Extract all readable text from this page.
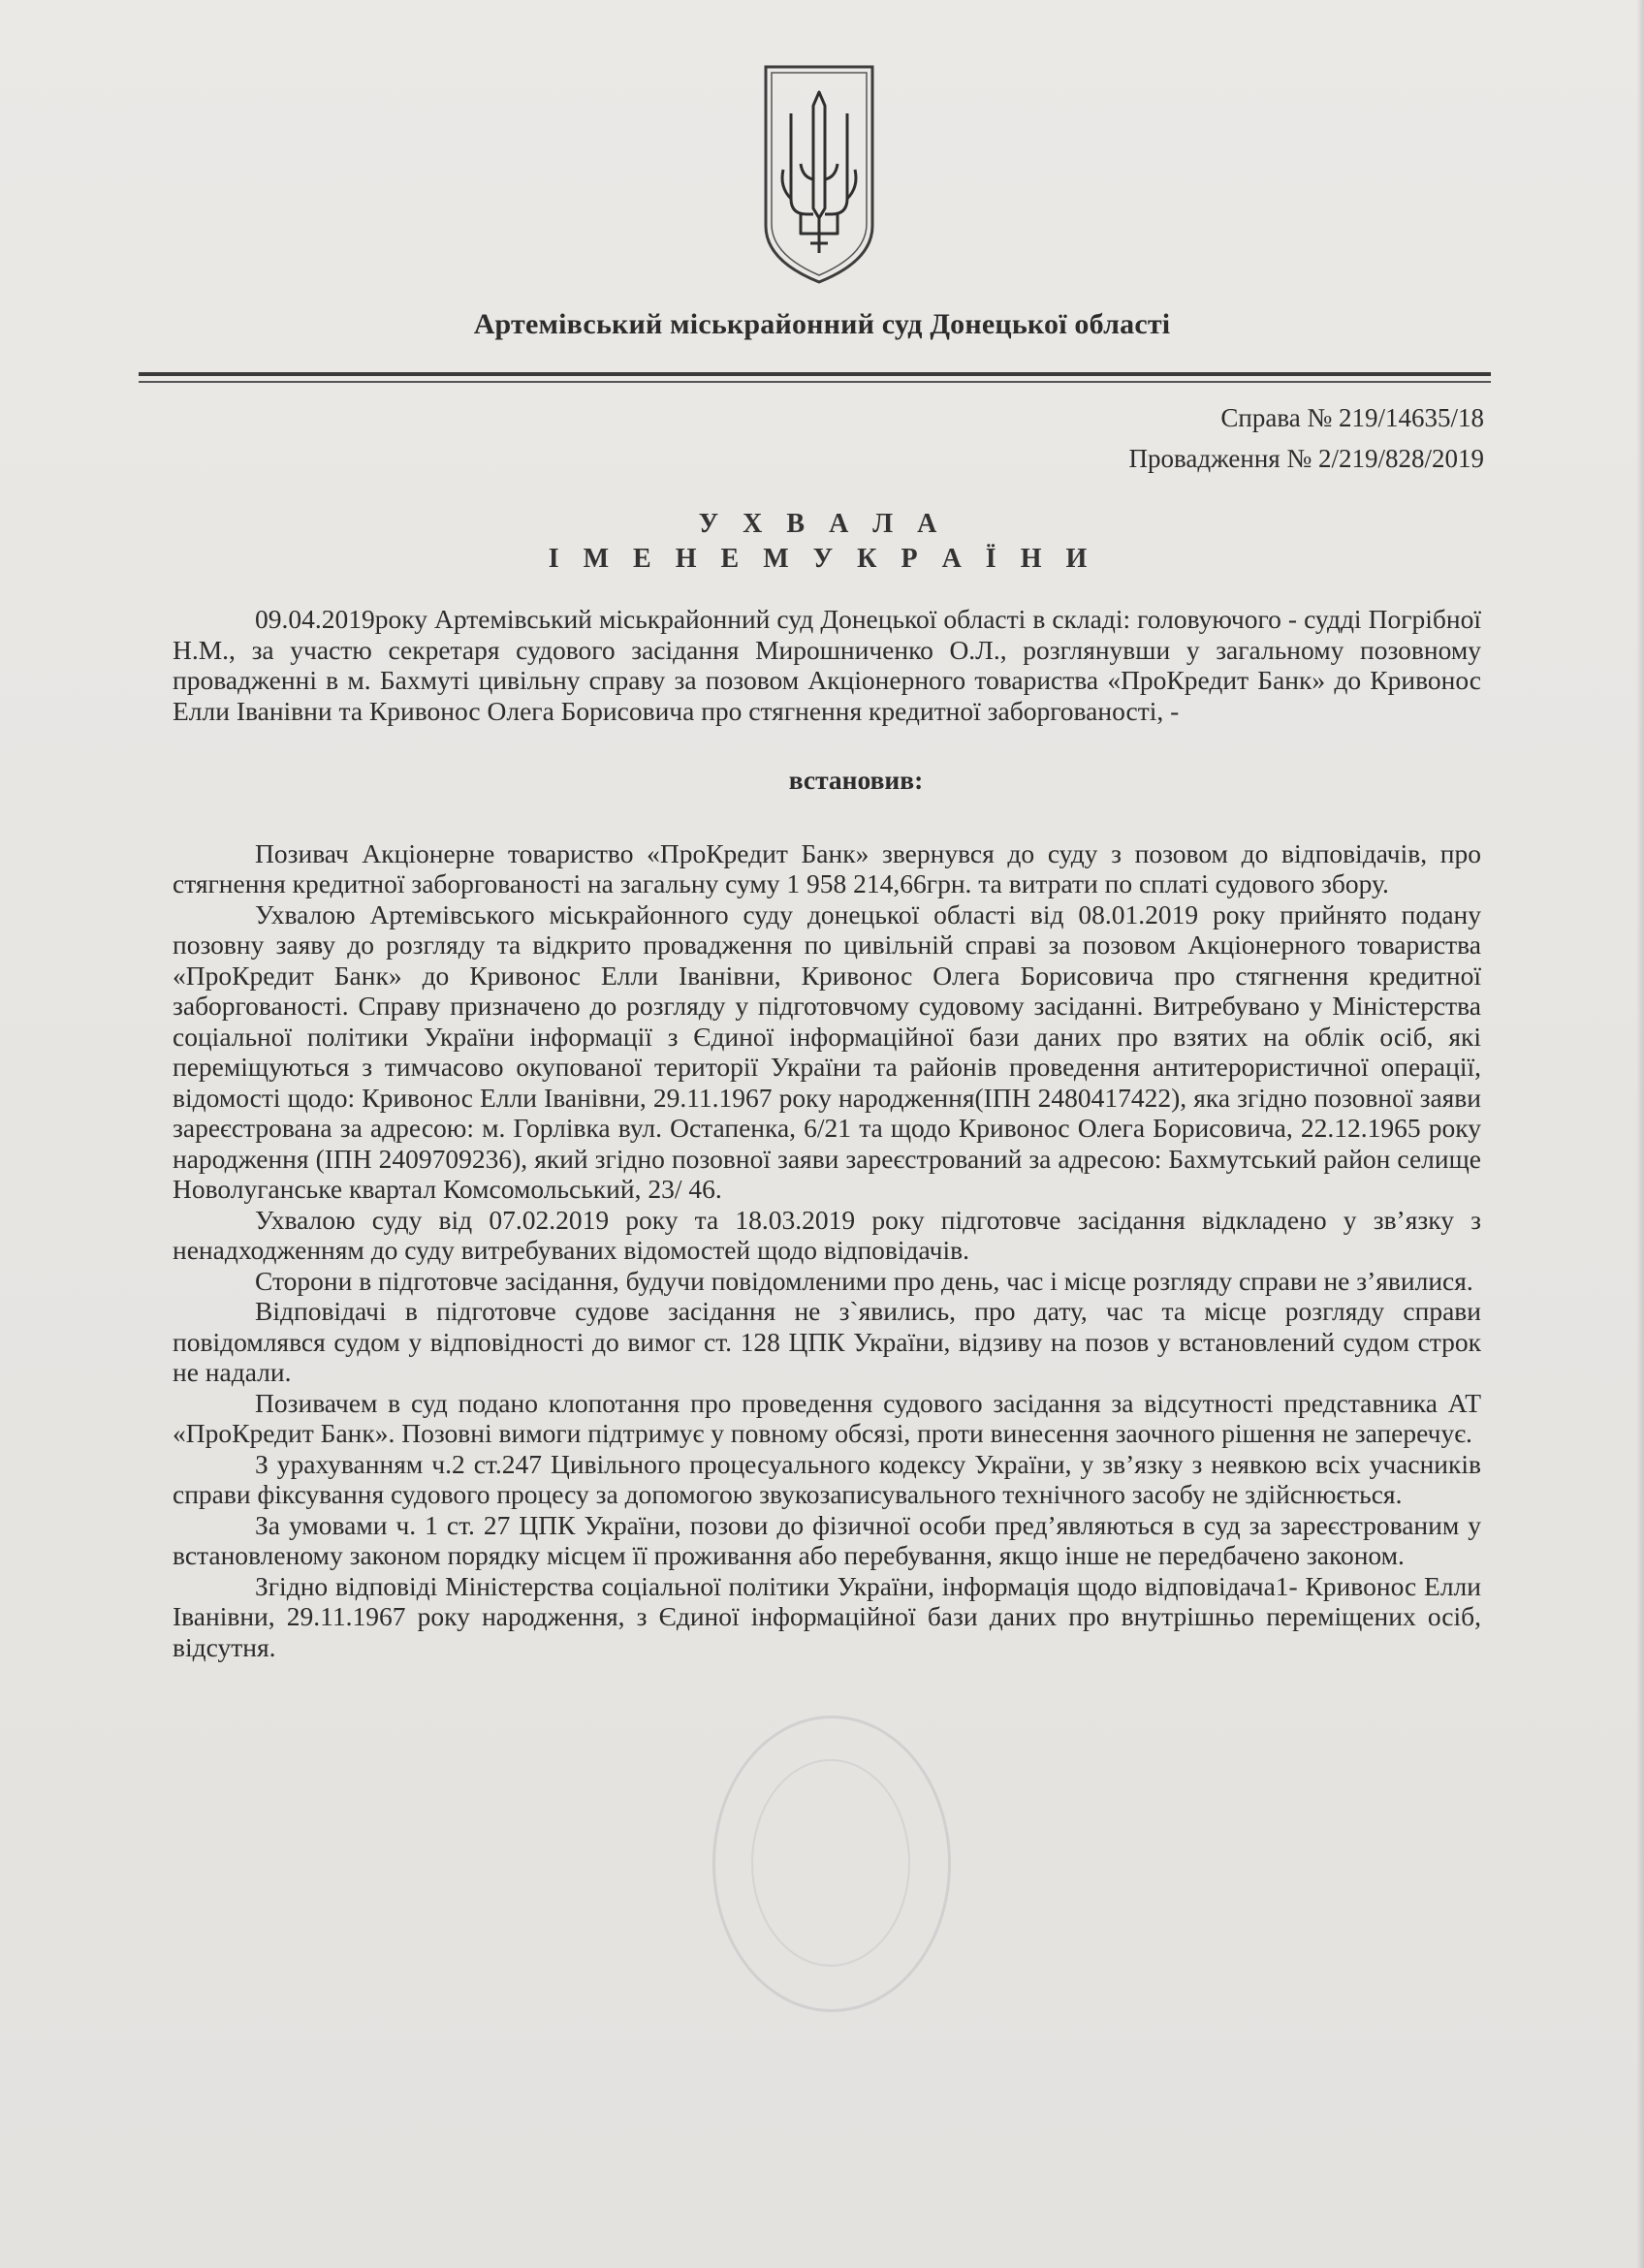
Артемівський міськрайонний суд Донецької області
Справа № 219/14635/18
Провадження № 2/219/828/2019
У Х В А Л А
І М Е Н Е М У К Р А Ї Н И

09.04.2019року Артемівський міськрайонний суд Донецької області в складі: головуючого - судді Погрібної Н.М., за участю секретаря судового засідання Мирошниченко О.Л., розглянувши у загальному позовному провадженні в м. Бахмуті цивільну справу за позовом Акціонерного товариства «ПроКредит Банк» до Кривонос Елли Іванівни та Кривонос Олега Борисовича про стягнення кредитної заборгованості, -

встановив:

Позивач Акціонерне товариство «ПроКредит Банк» звернувся до суду з позовом до відповідачів, про стягнення кредитної заборгованості на загальну суму 1 958 214,66грн. та витрати по сплаті судового збору.

Ухвалою Артемівського міськрайонного суду донецької області від 08.01.2019 року прийнято подану позовну заяву до розгляду та відкрито провадження по цивільній справі за позовом Акціонерного товариства «ПроКредит Банк» до Кривонос Елли Іванівни, Кривонос Олега Борисовича про стягнення кредитної заборгованості. Справу призначено до розгляду у підготовчому судовому засіданні. Витребувано у Міністерства соціальної політики України інформації з Єдиної інформаційної бази даних про взятих на облік осіб, які переміщуються з тимчасово окупованої території України та районів проведення антитерористичної операції, відомості щодо: Кривонос Елли Іванівни, 29.11.1967 року народження(ІПН 2480417422), яка згідно позовної заяви зареєстрована за адресою: м. Горлівка вул. Остапенка, 6/21 та щодо Кривонос Олега Борисовича, 22.12.1965 року народження (ІПН 2409709236), який згідно позовної заяви зареєстрований за адресою: Бахмутський район селище Новолуганське квартал Комсомольський, 23/ 46.

Ухвалою суду від 07.02.2019 року та 18.03.2019 року підготовче засідання відкладено у зв’язку з ненадходженням до суду витребуваних відомостей щодо відповідачів.

Сторони в підготовче засідання, будучи повідомленими про день, час і місце розгляду справи не з’явилися.

Відповідачі в підготовче судове засідання не з`явились, про дату, час та місце розгляду справи повідомлявся судом у відповідності до вимог ст. 128 ЦПК України, відзиву на позов у встановлений судом строк не надали.

Позивачем в суд подано клопотання про проведення судового засідання за відсутності представника АТ «ПроКредит Банк». Позовні вимоги підтримує у повному обсязі, проти винесення заочного рішення не заперечує.

З урахуванням ч.2 ст.247 Цивільного процесуального кодексу України, у зв’язку з неявкою всіх учасників справи фіксування судового процесу за допомогою звукозаписувального технічного засобу не здійснюється.

За умовами ч. 1 ст. 27 ЦПК України, позови до фізичної особи пред’являються в суд за зареєстрованим у встановленому законом порядку місцем її проживання або перебування, якщо інше не передбачено законом.

Згідно відповіді Міністерства соціальної політики України, інформація щодо відповідача1- Кривонос Елли Іванівни, 29.11.1967 року народження, з Єдиної інформаційної бази даних про внутрішньо переміщених осіб, відсутня.
